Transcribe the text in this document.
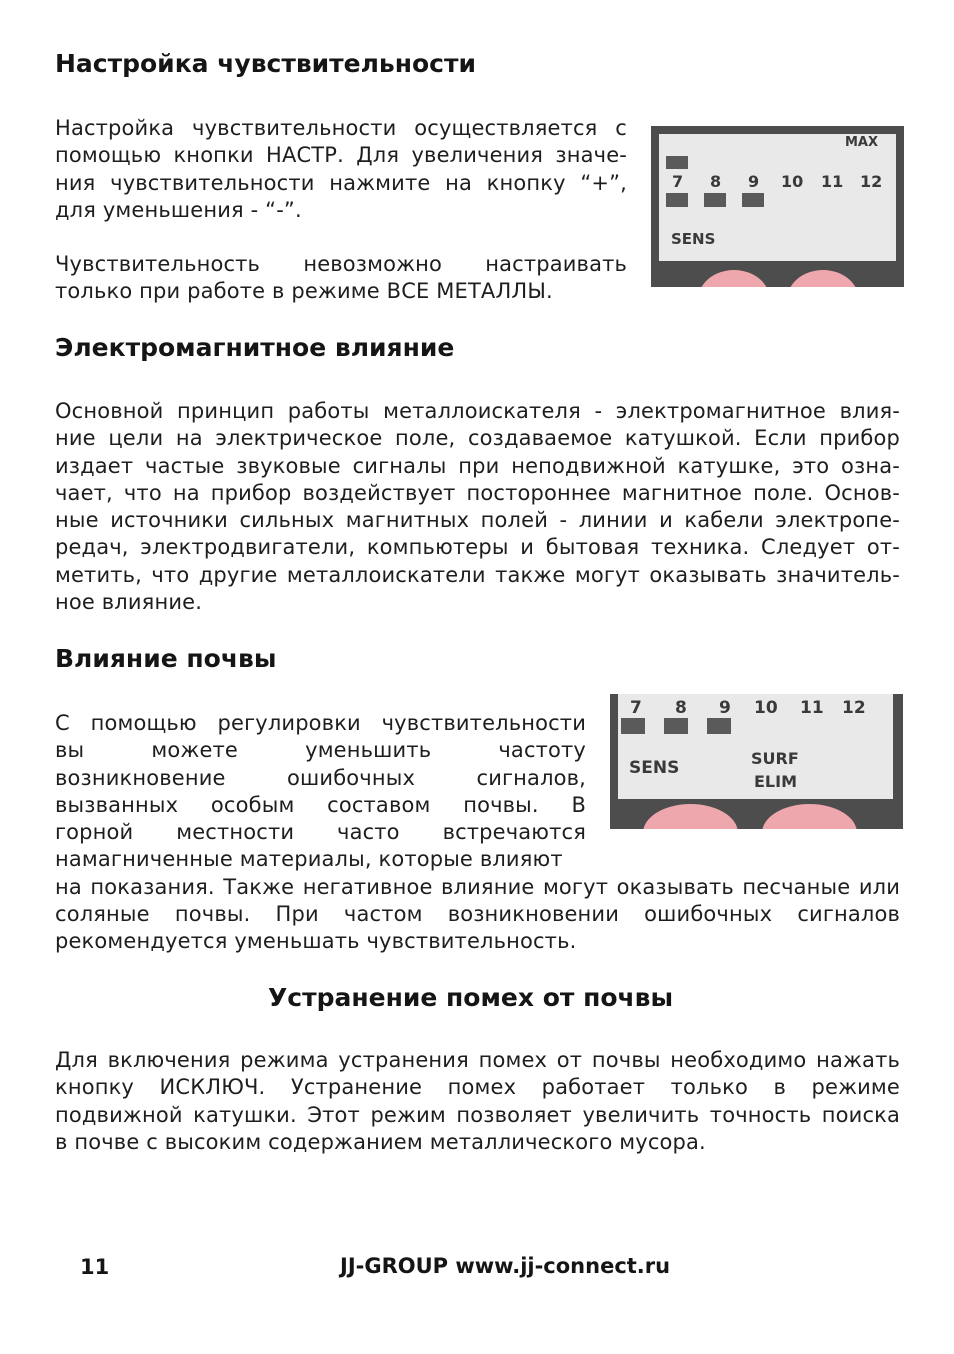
Настройка чувствительности
Настройка чувствительности осуществляется с
помощью кнопки НАСТР. Для увеличения значе-
ния чувствительности нажмите на кнопку “+”,
для уменьшения - “-”.
Чувствительность невозможно настраивать
только при работе в режиме ВСЕ МЕТАЛЛЫ.
MAX
7 8 9 10 11 12
SENS
Электромагнитное влияние
Основной принцип работы металлоискателя - электромагнитное влия-
ние цели на электрическое поле, создаваемое катушкой. Если прибор
издает частые звуковые сигналы при неподвижной катушке, это озна-
чает, что на прибор воздействует постороннее магнитное поле. Основ-
ные источники сильных магнитных полей - линии и кабели электропе-
редач, электродвигатели, компьютеры и бытовая техника. Следует от-
метить, что другие металлоискатели также могут оказывать значитель-
ное влияние.
Влияние почвы
С помощью регулировки чувствительности
вы можете уменьшить частоту
возникновение ошибочных сигналов,
вызванных особым составом почвы. В
горной местности часто встречаются
намагниченные материалы, которые влияют
на показания. Также негативное влияние могут оказывать песчаные или
соляные почвы. При частом возникновении ошибочных сигналов
рекомендуется уменьшать чувствительность.
7 8 9 10 11 12
SENS	SURF
ELIM
Устранение помех от почвы
Для включения режима устранения помех от почвы необходимо нажать
кнопку ИСКЛЮЧ. Устранение помех работает только в режиме
подвижной катушки. Этот режим позволяет увеличить точность поиска
в почве с высоким содержанием металлического мусора.
11	JJ-GROUP www.jj-connect.ru
